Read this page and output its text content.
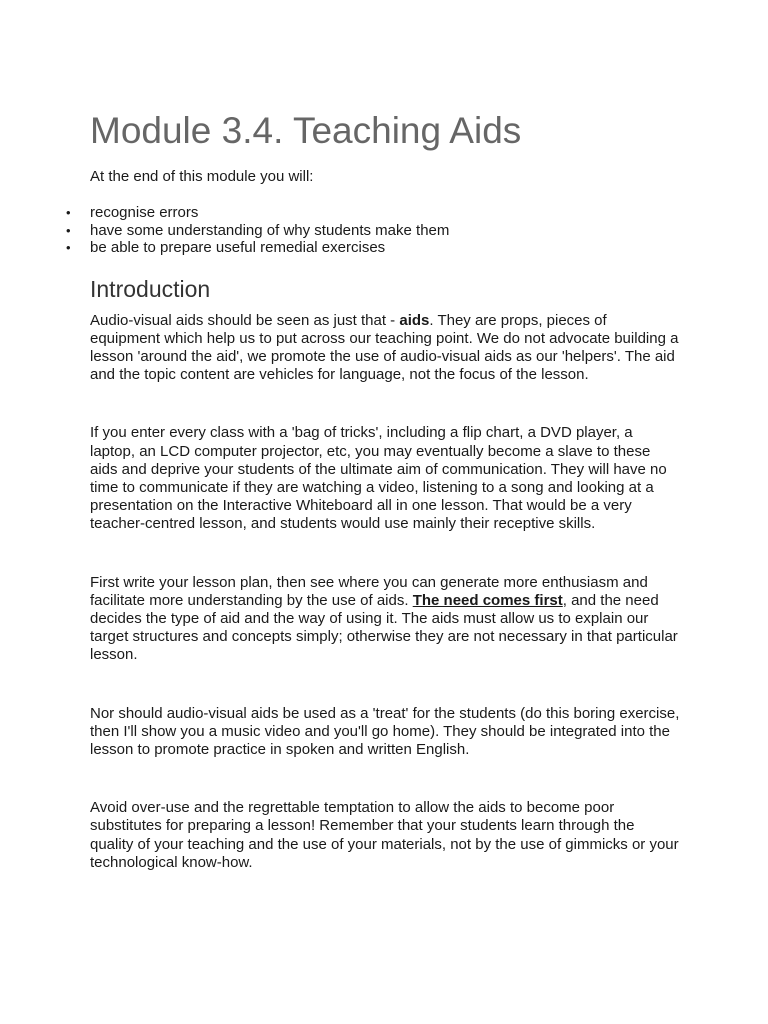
Module 3.4. Teaching Aids

At the end of this module you will:

• recognise errors
• have some understanding of why students make them
• be able to prepare useful remedial exercises
Introduction

Audio-visual aids should be seen as just that - aids. They are props, pieces of equipment which help us to put across our teaching point. We do not advocate building a lesson 'around the aid', we promote the use of audio-visual aids as our 'helpers'. The aid and the topic content are vehicles for language, not the focus of the lesson.

If you enter every class with a 'bag of tricks', including a flip chart, a DVD player, a laptop, an LCD computer projector, etc, you may eventually become a slave to these aids and deprive your students of the ultimate aim of communication. They will have no time to communicate if they are watching a video, listening to a song and looking at a presentation on the Interactive Whiteboard all in one lesson. That would be a very teacher-centred lesson, and students would use mainly their receptive skills.

First write your lesson plan, then see where you can generate more enthusiasm and facilitate more understanding by the use of aids. The need comes first, and the need decides the type of aid and the way of using it. The aids must allow us to explain our target structures and concepts simply; otherwise they are not necessary in that particular lesson.

Nor should audio-visual aids be used as a 'treat' for the students (do this boring exercise, then I'll show you a music video and you'll go home). They should be integrated into the lesson to promote practice in spoken and written English.

Avoid over-use and the regrettable temptation to allow the aids to become poor substitutes for preparing a lesson! Remember that your students learn through the quality of your teaching and the use of your materials, not by the use of gimmicks or your technological know-how.
